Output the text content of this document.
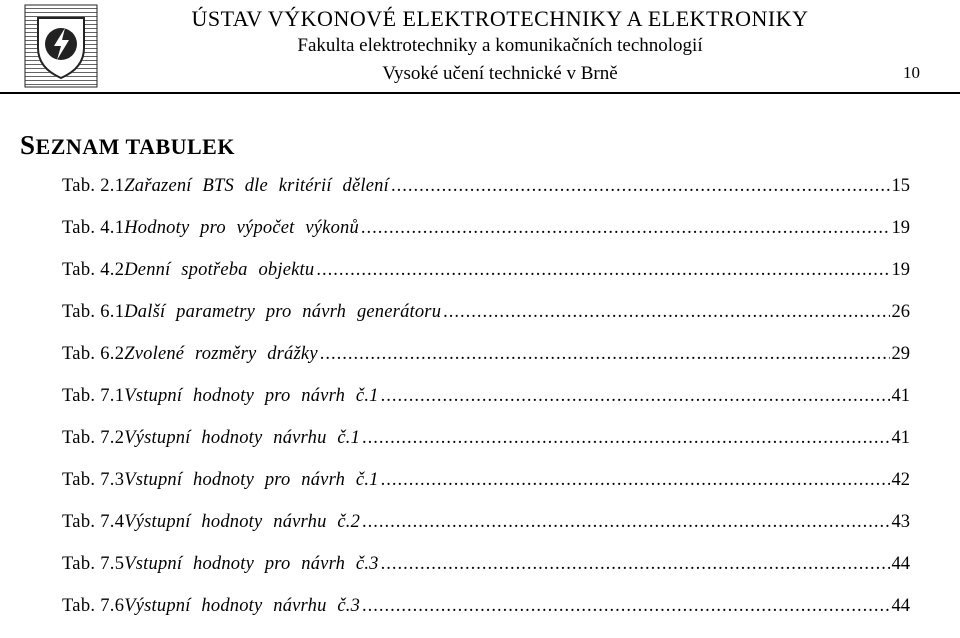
ÚSTAV VÝKONOVÉ ELEKTROTECHNIKY A ELEKTRONIKY
Fakulta elektrotechniky a komunikačních technologií
Vysoké učení technické v Brně	10
SEZNAM TABULEK
Tab. 2.1 Zařazení BTS dle kritérií dělení .....	15
Tab. 4.1 Hodnoty pro výpočet výkonů .....	19
Tab. 4.2 Denní spotřeba objektu .....	19
Tab. 6.1 Další parametry pro návrh generátoru .....	26
Tab. 6.2 Zvolené rozměry drážky .....	29
Tab. 7.1 Vstupní hodnoty pro návrh č.1 .....	41
Tab. 7.2 Výstupní hodnoty návrhu č.1 .....	41
Tab. 7.3 Vstupní hodnoty pro návrh č.1 .....	42
Tab. 7.4 Výstupní hodnoty návrhu č.2 .....	43
Tab. 7.5 Vstupní hodnoty pro návrh č.3 .....	44
Tab. 7.6 Výstupní hodnoty návrhu č.3 .....	44
